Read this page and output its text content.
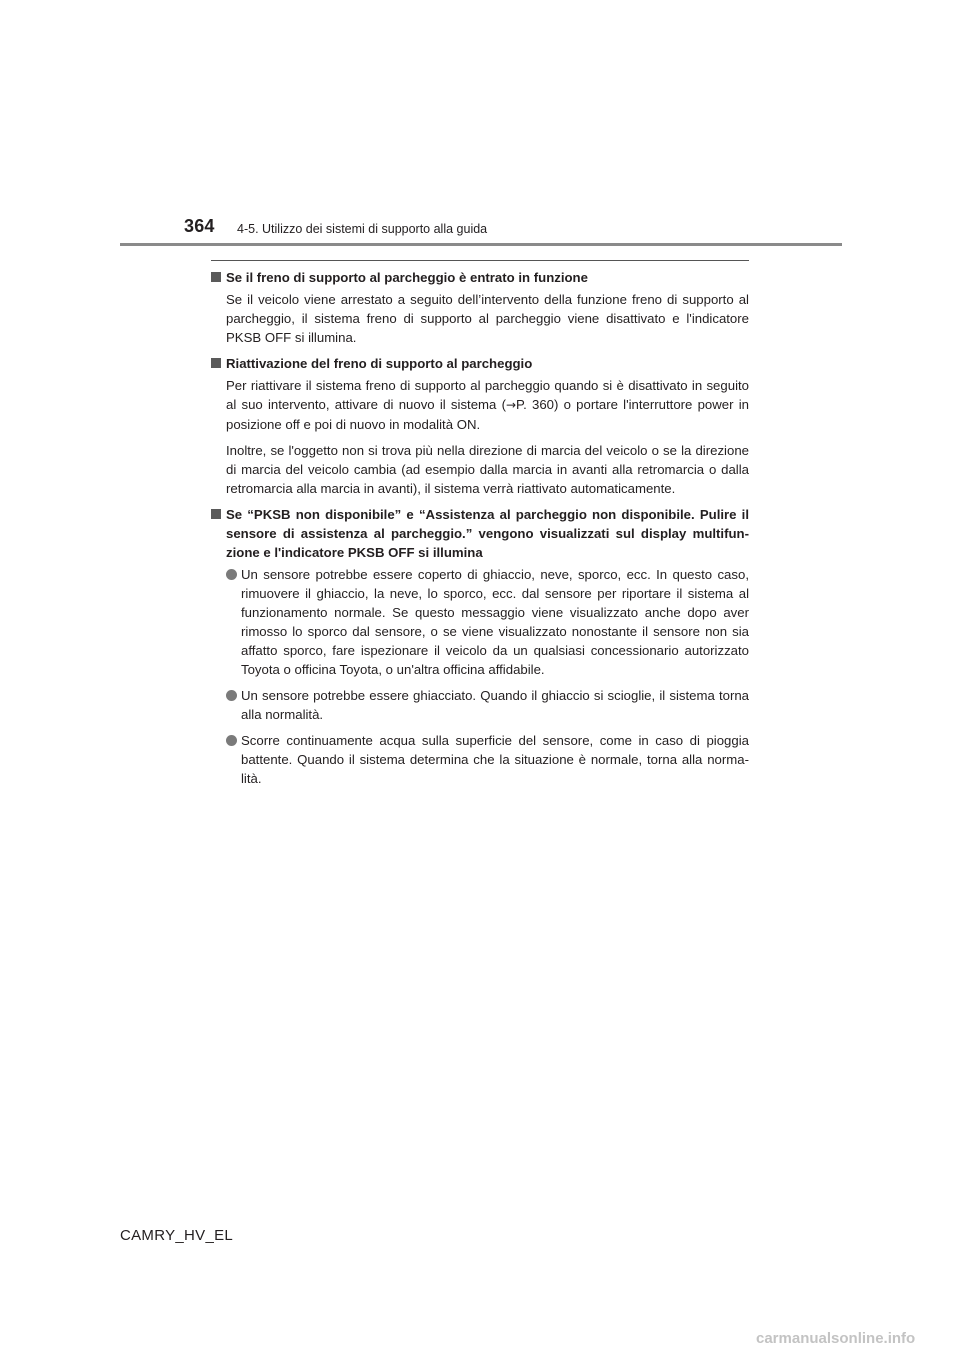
364 4-5. Utilizzo dei sistemi di supporto alla guida
Se il freno di supporto al parcheggio è entrato in funzione

Se il veicolo viene arrestato a seguito dell’intervento della funzione freno di supporto al parcheggio, il sistema freno di supporto al parcheggio viene disattivato e l'indicatore PKSB OFF si illumina.

Riattivazione del freno di supporto al parcheggio

Per riattivare il sistema freno di supporto al parcheggio quando si è disattivato in seguito al suo intervento, attivare di nuovo il sistema (→P. 360) o portare l'interruttore power in posizione off e poi di nuovo in modalità ON.

Inoltre, se l'oggetto non si trova più nella direzione di marcia del veicolo o se la direzione di marcia del veicolo cambia (ad esempio dalla marcia in avanti alla retromarcia o dalla retromarcia alla marcia in avanti), il sistema verrà riattivato automaticamente.

Se “PKSB non disponibile” e “Assistenza al parcheggio non disponibile. Pulire il sensore di assistenza al parcheggio.” vengono visualizzati sul display multifunzione e l'indicatore PKSB OFF si illumina
Un sensore potrebbe essere coperto di ghiaccio, neve, sporco, ecc. In questo caso, rimuovere il ghiaccio, la neve, lo sporco, ecc. dal sensore per riportare il sistema al funzionamento normale. Se questo messaggio viene visualizzato anche dopo aver rimosso lo sporco dal sensore, o se viene visualizzato nonostante il sensore non sia affatto sporco, fare ispezionare il veicolo da un qualsiasi concessionario autorizzato Toyota o officina Toyota, o un'altra officina affidabile.
Un sensore potrebbe essere ghiacciato. Quando il ghiaccio si scioglie, il sistema torna alla normalità.
Scorre continuamente acqua sulla superficie del sensore, come in caso di pioggia battente. Quando il sistema determina che la situazione è normale, torna alla normalità.
CAMRY_HV_EL
carmanualsonline.info
